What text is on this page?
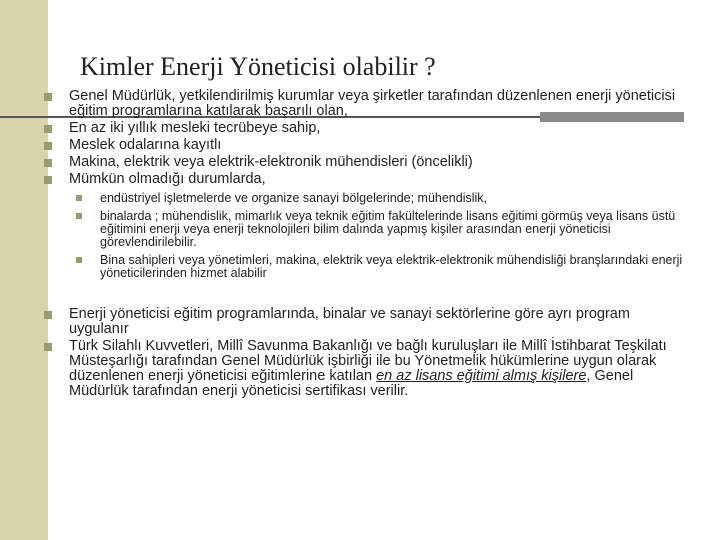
Kimler Enerji Yöneticisi olabilir ?
Genel Müdürlük, yetkilendirilmiş kurumlar veya şirketler tarafından düzenlenen enerji yöneticisi eğitim programlarına katılarak başarılı olan,
En az iki yıllık mesleki tecrübeye sahip,
Meslek odalarına kayıtlı
Makina, elektrik veya elektrik-elektronik mühendisleri (öncelikli)
Mümkün olmadığı durumlarda,
endüstriyel işletmelerde ve organize sanayi bölgelerinde; mühendislik,
binalarda ; mühendislik, mimarlık veya teknik eğitim fakültelerinde lisans eğitimi görmüş veya lisans üstü eğitimini enerji veya enerji teknolojileri bilim dalında yapmış kişiler arasından enerji yöneticisi görevlendirilebilir.
Bina sahipleri veya yönetimleri, makina, elektrik veya elektrik-elektronik mühendisliği branşlarındaki enerji yöneticilerinden hizmet alabilir
Enerji yöneticisi eğitim programlarında, binalar ve sanayi sektörlerine göre ayrı program uygulanır
Türk Silahlı Kuvvetleri, Millî Savunma Bakanlığı ve bağlı kuruluşları ile Millî İstihbarat Teşkilatı Müsteşarlığı tarafından Genel Müdürlük işbirliği ile bu Yönetmelik hükümlerine uygun olarak düzenlenen enerji yöneticisi eğitimlerine katılan en az lisans eğitimi almış kişilere, Genel Müdürlük tarafından enerji yöneticisi sertifikası verilir.
